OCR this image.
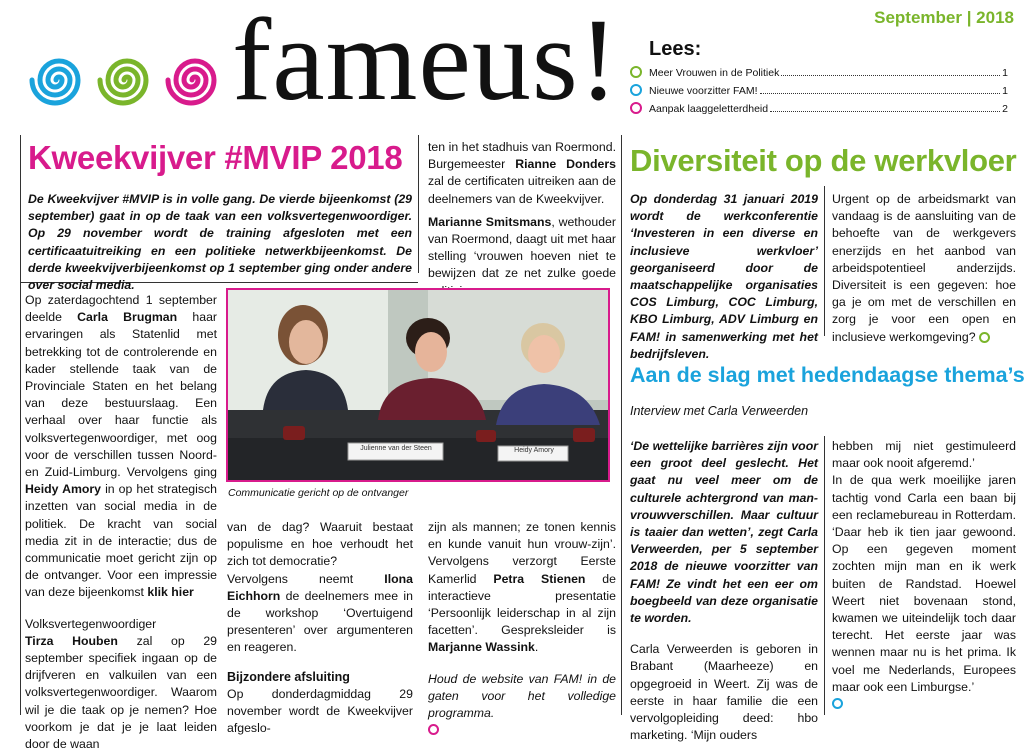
fameus!	September | 2018
Lees:
Meer Vrouwen in de Politiek	1
Nieuwe voorzitter FAM!	1
Aanpak laaggeletterdheid	2
Kweekvijver #MVIP 2018
De Kweekvijver #MVIP is in volle gang. De vierde bijeenkomst (29 september) gaat in op de taak van een volksvertegenwoordiger. Op 29 november wordt de training afgesloten met een certificaatuitreiking en een politieke netwerkbijeenkomst. De derde kweekvijverbijeenkomst op 1 september ging onder andere over social media.
ten in het stadhuis van Roermond. Burgemeester Rianne Donders zal de certificaten uitreiken aan de deelnemers van de Kweekvijver.

Marianne Smitsmans, wethouder van Roermond, daagt uit met haar stelling ‘vrouwen hoeven niet te bewijzen dat ze net zulke goede

Op zaterdagochtend 1 september deelde Carla Brugman haar ervaringen als Statenlid met betrekking tot de controlerende en kader stellende taak van de Provinciale Staten en het belang van deze bestuurslaag. Een verhaal over haar functie als volksvertegenwoordiger, met oog voor de verschillen tussen Noord- en Zuid-Limburg. Vervolgens ging Heidy Amory in op het strategisch inzetten van social media in de politiek. De kracht van social media zit in de interactie; dus de communicatie moet gericht zijn op de ontvanger. Voor een impressie van deze bijeenkomst klik hier

Volksvertegenwoordiger

Tirza Houben zal op 29 september specifiek ingaan op de drijfveren en valkuilen van een volksvertegenwoordiger. Waarom wil je die taak op je nemen? Hoe voorkom je dat je je laat leiden door de waan

Julienne van der Steen	Heidy Amory
Communicatie gericht op de ontvanger

van de dag? Waaruit bestaat populisme en hoe verhoudt het zich tot democratie?

Vervolgens neemt Ilona Eichhorn de deelnemers mee in de workshop ‘Overtuigend presenteren’ over argumenteren en reageren.

Bijzondere afsluiting

Op donderdagmiddag 29 november wordt de Kweekvijver afgeslo-

zijn als mannen; ze tonen kennis en kunde vanuit hun vrouw-zijn’. Vervolgens verzorgt Eerste Kamerlid Petra Stienen de interactieve presentatie ‘Persoonlijk leiderschap in al zijn facetten’. Gespreksleider is Marjanne Wassink.

Houd de website van FAM! in de gaten voor het volledige programma.

Diversiteit op de werkvloer
Op donderdag 31 januari 2019 wordt de werkconferentie ‘Investeren in een diverse en inclusieve werkvloer’ georganiseerd door de maatschappelijke organisaties COS Limburg, COC Limburg, KBO Limburg, ADV Limburg en FAM! in samenwerking met het bedrijfsleven.
Urgent op de arbeidsmarkt van vandaag is de aansluiting van de behoefte van de werkgevers enerzijds en het aanbod van arbeidspotentieel anderzijds. Diversiteit is een gegeven: hoe ga je om met de verschillen en zorg je voor een open en inclusieve werkomgeving?
Aan de slag met hedendaagse thema’s
Interview met Carla Verweerden

‘De wettelijke barrières zijn voor een groot deel geslecht. Het gaat nu veel meer om de culturele achtergrond van man-vrouwverschillen. Maar cultuur is taaier dan wetten’, zegt Carla Verweerden, per 5 september 2018 de nieuwe voorzitter van FAM! Ze vindt het een eer om boegbeeld van deze organisatie te worden.

Carla Verweerden is geboren in Brabant (Maarheeze) en opgegroeid in Weert. Zij was de eerste in haar familie die een vervolgopleiding deed: hbo marketing. ‘Mijn ouders

hebben mij niet gestimuleerd maar ook nooit afgeremd.’

In de qua werk moeilijke jaren tachtig vond Carla een baan bij een reclamebureau in Rotterdam. ‘Daar heb ik tien jaar gewoond. Op een gegeven moment zochten mijn man en ik werk buiten de Randstad. Hoewel Weert niet bovenaan stond, kwamen we uiteindelijk toch daar terecht. Het eerste jaar was wennen maar nu is het prima. Ik voel me Nederlands, Europees maar ook een Limburgse.’
